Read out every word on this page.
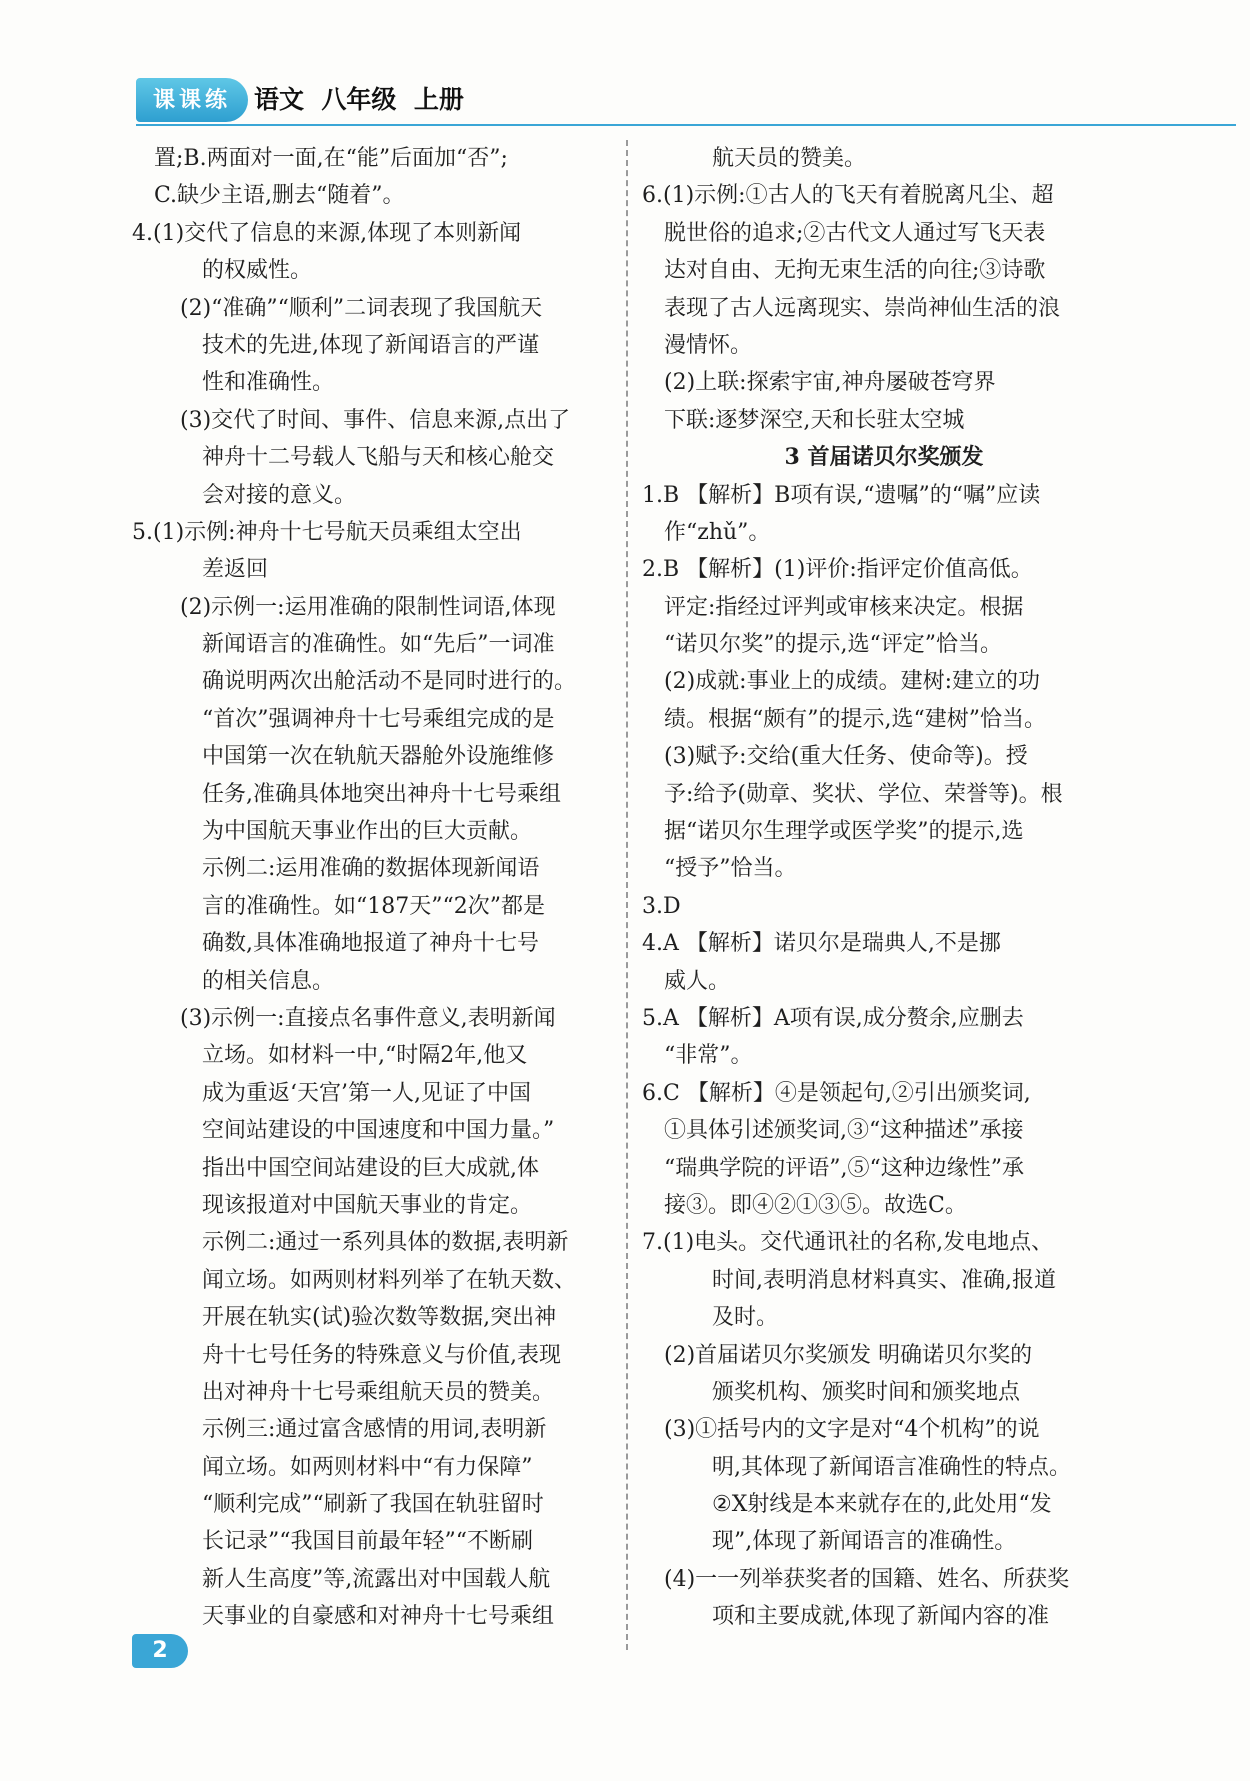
课课练 语文  八年级  上册
置;B.两面对一面,在“能”后面加“否”;
C.缺少主语,删去“随着”。
4.(1)交代了信息的来源,体现了本则新闻
的权威性。
(2)“准确”“顺利”二词表现了我国航天
技术的先进,体现了新闻语言的严谨
性和准确性。
(3)交代了时间、事件、信息来源,点出了
神舟十二号载人飞船与天和核心舱交
会对接的意义。
5.(1)示例:神舟十七号航天员乘组太空出
差返回
(2)示例一:运用准确的限制性词语,体现
新闻语言的准确性。如“先后”一词准
确说明两次出舱活动不是同时进行的。
“首次”强调神舟十七号乘组完成的是
中国第一次在轨航天器舱外设施维修
任务,准确具体地突出神舟十七号乘组
为中国航天事业作出的巨大贡献。
示例二:运用准确的数据体现新闻语
言的准确性。如“187天”“2次”都是
确数,具体准确地报道了神舟十七号
的相关信息。
(3)示例一:直接点名事件意义,表明新闻
立场。如材料一中,“时隔2年,他又
成为重返‘天宫’第一人,见证了中国
空间站建设的中国速度和中国力量。”
指出中国空间站建设的巨大成就,体
现该报道对中国航天事业的肯定。
示例二:通过一系列具体的数据,表明新
闻立场。如两则材料列举了在轨天数、
开展在轨实(试)验次数等数据,突出神
舟十七号任务的特殊意义与价值,表现
出对神舟十七号乘组航天员的赞美。
示例三:通过富含感情的用词,表明新
闻立场。如两则材料中“有力保障”
“顺利完成”“刷新了我国在轨驻留时
长记录”“我国目前最年轻”“不断刷
新人生高度”等,流露出对中国载人航
天事业的自豪感和对神舟十七号乘组
航天员的赞美。
6.(1)示例:①古人的飞天有着脱离凡尘、超
脱世俗的追求;②古代文人通过写飞天表
达对自由、无拘无束生活的向往;③诗歌
表现了古人远离现实、崇尚神仙生活的浪
漫情怀。
(2)上联:探索宇宙,神舟屡破苍穹界
下联:逐梦深空,天和长驻太空城
3 首届诺贝尔奖颁发
1.B 【解析】B项有误,“遗嘱”的“嘱”应读
作“zhǔ”。
2.B 【解析】(1)评价:指评定价值高低。
评定:指经过评判或审核来决定。根据
“诺贝尔奖”的提示,选“评定”恰当。
(2)成就:事业上的成绩。建树:建立的功
绩。根据“颇有”的提示,选“建树”恰当。
(3)赋予:交给(重大任务、使命等)。授
予:给予(勋章、奖状、学位、荣誉等)。根
据“诺贝尔生理学或医学奖”的提示,选
“授予”恰当。
3.D
4.A 【解析】诺贝尔是瑞典人,不是挪
威人。
5.A 【解析】A项有误,成分赘余,应删去
“非常”。
6.C 【解析】④是领起句,②引出颁奖词,
①具体引述颁奖词,③“这种描述”承接
“瑞典学院的评语”,⑤“这种边缘性”承
接③。即④②①③⑤。故选C。
7.(1)电头。交代通讯社的名称,发电地点、
时间,表明消息材料真实、准确,报道
及时。
(2)首届诺贝尔奖颁发 明确诺贝尔奖的
颁奖机构、颁奖时间和颁奖地点
(3)①括号内的文字是对“4个机构”的说
明,其体现了新闻语言准确性的特点。
②X射线是本来就存在的,此处用“发
现”,体现了新闻语言的准确性。
(4)一一列举获奖者的国籍、姓名、所获奖
项和主要成就,体现了新闻内容的准
2
